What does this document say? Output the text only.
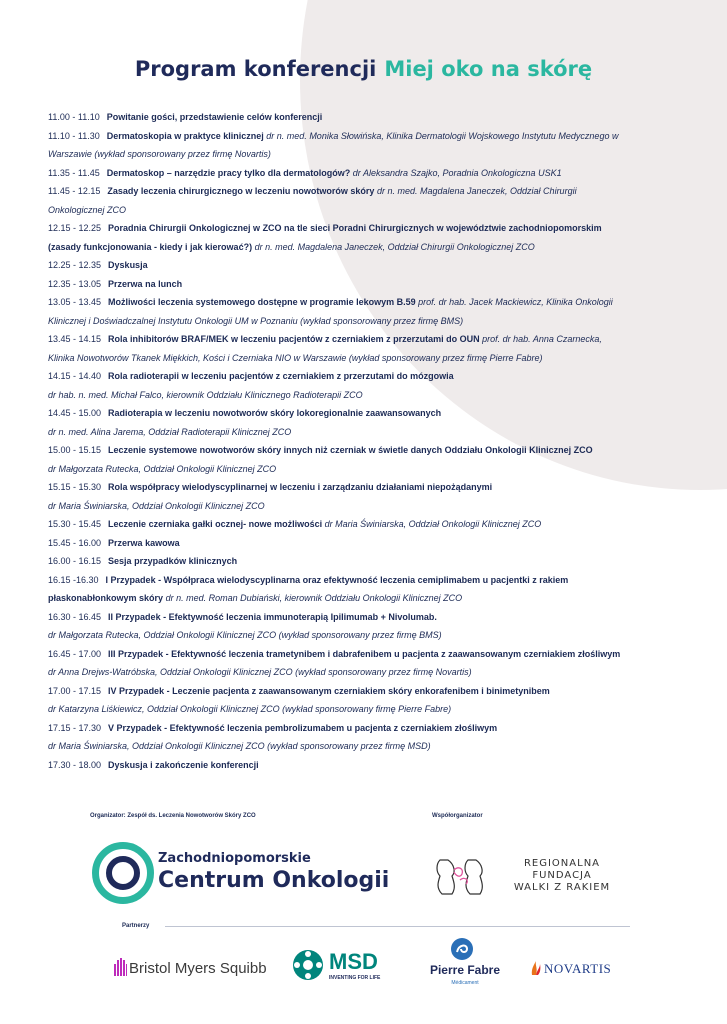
Program konferencji Miej oko na skórę
11.00 - 11.10 Powitanie gości, przedstawienie celów konferencji
11.10 - 11.30 Dermatoskopia w praktyce klinicznej dr n. med. Monika Słowińska, Klinika Dermatologii Wojskowego Instytutu Medycznego w
Warszawie (wykład sponsorowany przez firmę Novartis)
11.35 - 11.45 Dermatoskop – narzędzie pracy tylko dla dermatologów? dr Aleksandra Szajko, Poradnia Onkologiczna USK1
11.45 - 12.15 Zasady leczenia chirurgicznego w leczeniu nowotworów skóry dr n. med. Magdalena Janeczek, Oddział Chirurgii
Onkologicznej ZCO
12.15 - 12.25 Poradnia Chirurgii Onkologicznej w ZCO na tle sieci Poradni Chirurgicznych w województwie zachodniopomorskim
(zasady funkcjonowania - kiedy i jak kierować?) dr n. med. Magdalena Janeczek, Oddział Chirurgii Onkologicznej ZCO
12.25 - 12.35 Dyskusja
12.35 - 13.05 Przerwa na lunch
13.05 - 13.45 Możliwości leczenia systemowego dostępne w programie lekowym B.59 prof. dr hab. Jacek Mackiewicz, Klinika Onkologii
Klinicznej i Doświadczalnej Instytutu Onkologii UM w Poznaniu (wykład sponsorowany przez firmę BMS)
13.45 - 14.15 Rola inhibitorów BRAF/MEK w leczeniu pacjentów z czerniakiem z przerzutami do OUN prof. dr hab. Anna Czarnecka,
Klinika Nowotworów Tkanek Miękkich, Kości i Czerniaka NIO w Warszawie (wykład sponsorowany przez firmę Pierre Fabre)
14.15 - 14.40 Rola radioterapii w leczeniu pacjentów z czerniakiem z przerzutami do mózgowia
dr hab. n. med. Michał Falco, kierownik Oddziału Klinicznego Radioterapii ZCO
14.45 - 15.00 Radioterapia w leczeniu nowotworów skóry lokoregionalnie zaawansowanych
dr n. med. Alina Jarema, Oddział Radioterapii Klinicznej ZCO
15.00 - 15.15 Leczenie systemowe nowotworów skóry innych niż czerniak w świetle danych Oddziału Onkologii Klinicznej ZCO
dr Małgorzata Rutecka, Oddział Onkologii Klinicznej ZCO
15.15 - 15.30 Rola współpracy wielodyscyplinarnej w leczeniu i zarządzaniu działaniami niepożądanymi
dr Maria Świniarska, Oddział Onkologii Klinicznej ZCO
15.30 - 15.45 Leczenie czerniaka gałki ocznej- nowe możliwości dr Maria Świniarska, Oddział Onkologii Klinicznej ZCO
15.45 - 16.00 Przerwa kawowa
16.00 - 16.15 Sesja przypadków klinicznych
16.15 -16.30 I Przypadek - Współpraca wielodyscyplinarna oraz efektywność leczenia cemiplimabem u pacjentki z rakiem
płaskonabłonkowym skóry dr n. med. Roman Dubiański, kierownik Oddziału Onkologii Klinicznej ZCO
16.30 - 16.45 II Przypadek - Efektywność leczenia immunoterapią Ipilimumab + Nivolumab.
dr Małgorzata Rutecka, Oddział Onkologii Klinicznej ZCO (wykład sponsorowany przez firmę BMS)
16.45 - 17.00 III Przypadek - Efektywność leczenia trametynibem i dabrafenibem u pacjenta z zaawansowanym czerniakiem złośliwym
dr Anna Drejws-Watróbska, Oddział Onkologii Klinicznej ZCO (wykład sponsorowany przez firmę Novartis)
17.00 - 17.15 IV Przypadek - Leczenie pacjenta z zaawansowanym czerniakiem skóry enkorafenibem i binimetynibem
dr Katarzyna Liśkiewicz, Oddział Onkologii Klinicznej ZCO (wykład sponsorowany firmę Pierre Fabre)
17.15 - 17.30 V Przypadek - Efektywność leczenia pembrolizumabem u pacjenta z czerniakiem złośliwym
dr Maria Świniarska, Oddział Onkologii Klinicznej ZCO (wykład sponsorowany przez firmę MSD)
17.30 - 18.00 Dyskusja i zakończenie konferencji
Organizator: Zespół ds. Leczenia Nowotworów Skóry ZCO	Współorganizator
Zachodniopomorskie
Centrum Onkologii
REGIONALNA
FUNDACJA
WALKI Z RAKIEM
Partnerzy
Bristol Myers Squibb	MSD
INVENTING FOR LIFE
Pierre Fabre
Médicament
NOVARTIS
